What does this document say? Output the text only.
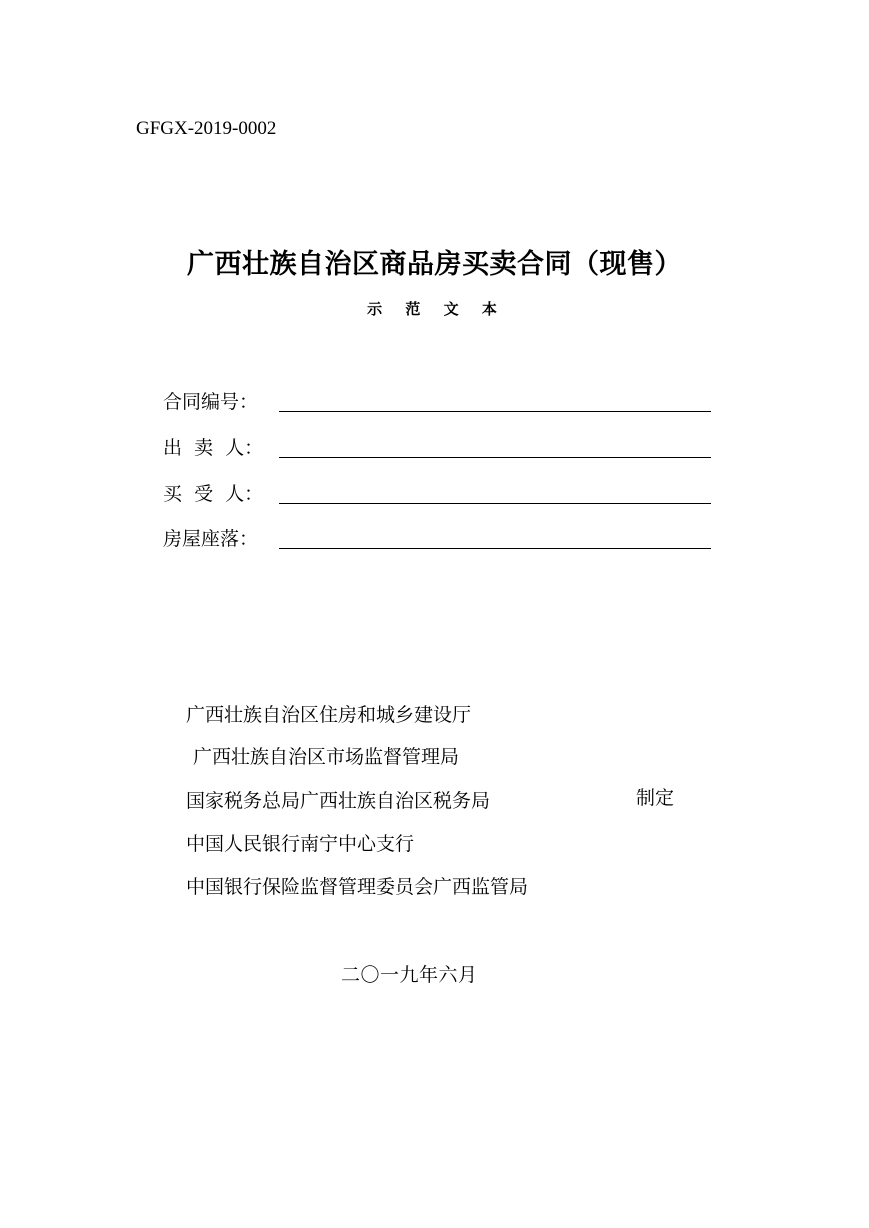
GFGX-2019-0002
广西壮族自治区商品房买卖合同（现售）
示 范 文 本
合同编号：
出  卖  人：
买  受  人：
房屋座落：
广西壮族自治区住房和城乡建设厅
广西壮族自治区市场监督管理局
国家税务总局广西壮族自治区税务局
中国人民银行南宁中心支行
中国银行保险监督管理委员会广西监管局
制定
二〇一九年六月
